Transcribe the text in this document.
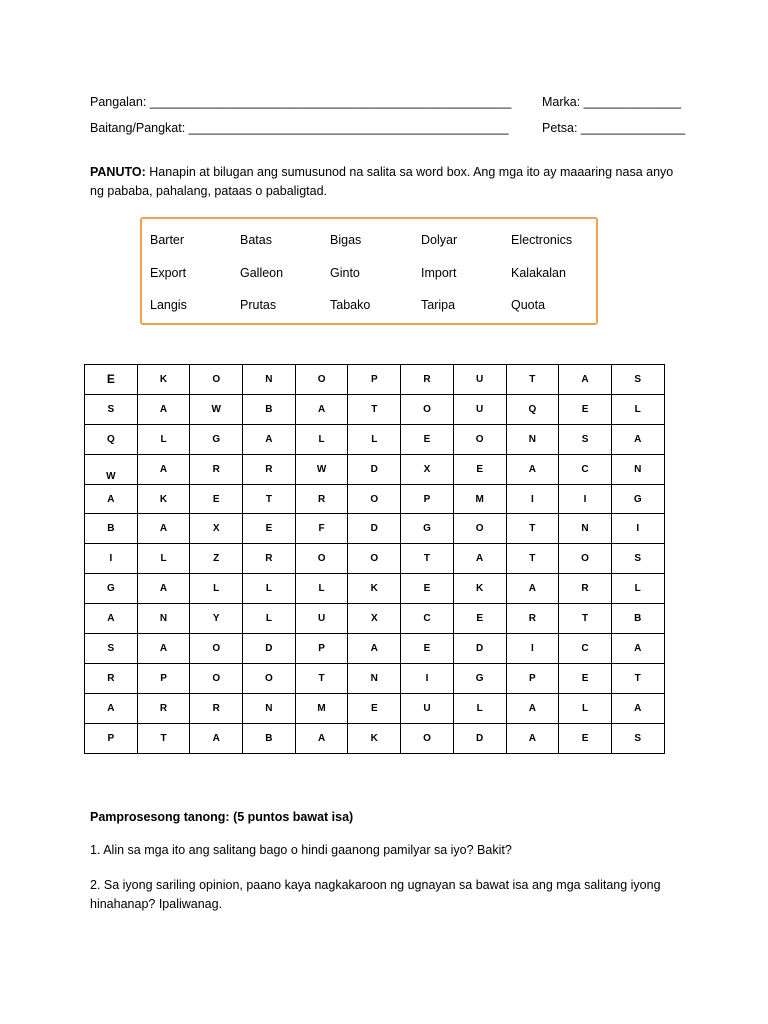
Pangalan: ____________________________________________________ Marka: ______________
Baitang/Pangkat: ______________________________________________	Petsa: _______________
PANUTO: Hanapin at bilugan ang sumusunod na salita sa word box. Ang mga ito ay maaaring nasa anyo
ng pababa, pahalang, pataas o pabaligtad.
Barter	Batas	Bigas	Dolyar	Electronics
Export	Galleon	Ginto	Import	Kalakalan
Langis	Prutas	Tabako	Taripa	Quota
E	K	O	N	O	P	R	U	T	A	S
S	A	W	B	A	T	O	U	Q	E	L
Q	L	G	A	L	L	E	O	N	S	A
W	A	R	R	W	D	X	E	A	C	N
A	K	E	T	R	O	P	M	I	I	G
B	A	X	E	F	D	G	O	T	N	I
I	L	Z	R	O	O	T	A	T	O	S
G	A	L	L	L	K	E	K	A	R	L
A	N	Y	L	U	X	C	E	R	T	B
S	A	O	D	P	A	E	D	I	C	A
R	P	O	O	T	N	I	G	P	E	T
A	R	R	N	M	E	U	L	A	L	A
P	T	A	B	A	K	O	D	A	E	S
Pamprosesong tanong: (5 puntos bawat isa)
1. Alin sa mga ito ang salitang bago o hindi gaanong pamilyar sa iyo? Bakit?
2. Sa iyong sariling opinion, paano kaya nagkakaroon ng ugnayan sa bawat isa ang mga salitang iyong
hinahanap? Ipaliwanag.
